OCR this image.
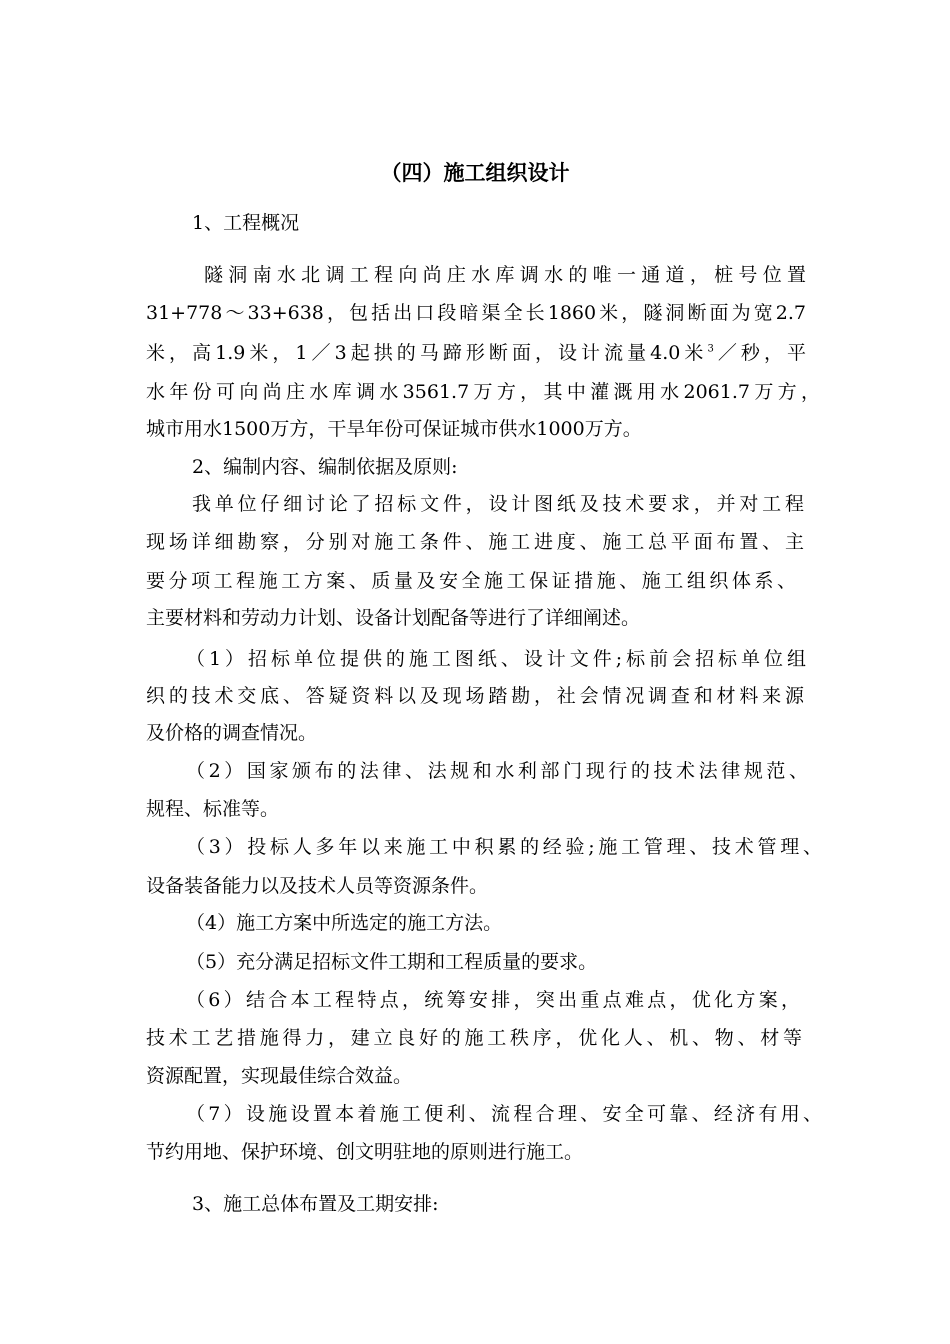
（四）施工组织设计

1、工程概况

隧洞南水北调工程向尚庄水库调水的唯一通道，桩号位置

31+778～33+638，包括出口段暗渠全长1860米，隧洞断面为宽2.7

米，高1.9米，1／3起拱的马蹄形断面，设计流量4.0米$^3$／秒，平

水年份可向尚庄水库调水3561.7万方，其中灌溉用水2061.7万方，

城市用水1500万方，干旱年份可保证城市供水1000万方。

2、编制内容、编制依据及原则:

我单位仔细讨论了招标文件，设计图纸及技术要求，并对工程

现场详细勘察，分别对施工条件、施工进度、施工总平面布置、主

要分项工程施工方案、质量及安全施工保证措施、施工组织体系、

主要材料和劳动力计划、设备计划配备等进行了详细阐述。

（1）招标单位提供的施工图纸、设计文件;标前会招标单位组

织的技术交底、答疑资料以及现场踏勘，社会情况调查和材料来源

及价格的调查情况。

（2）国家颁布的法律、法规和水利部门现行的技术法律规范、

规程、标准等。

（3）投标人多年以来施工中积累的经验;施工管理、技术管理、

设备装备能力以及技术人员等资源条件。

（4）施工方案中所选定的施工方法。

（5）充分满足招标文件工期和工程质量的要求。

（6）结合本工程特点，统筹安排，突出重点难点，优化方案，

技术工艺措施得力，建立良好的施工秩序，优化人、机、物、材等

资源配置，实现最佳综合效益。

（7）设施设置本着施工便利、流程合理、安全可靠、经济有用、

节约用地、保护环境、创文明驻地的原则进行施工。

3、施工总体布置及工期安排:
